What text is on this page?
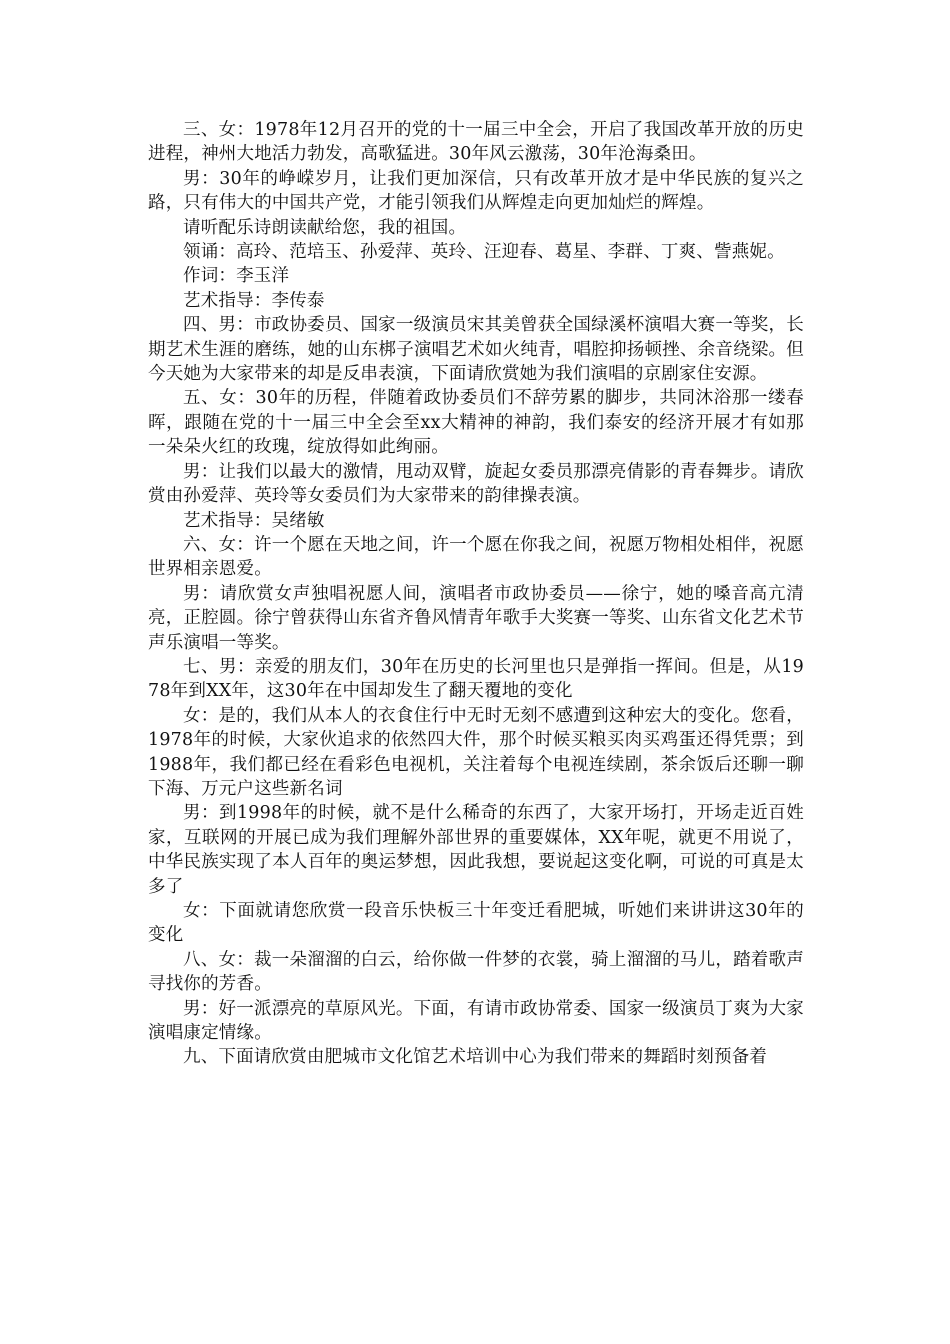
三、女：1978年12月召开的党的十一届三中全会，开启了我国改革开放的历史进程，神州大地活力勃发，高歌猛进。30年风云激荡，30年沧海桑田。

男：30年的峥嵘岁月，让我们更加深信，只有改革开放才是中华民族的复兴之路，只有伟大的中国共产党，才能引领我们从辉煌走向更加灿烂的辉煌。

请听配乐诗朗读献给您，我的祖国。

领诵：高玲、范培玉、孙爱萍、英玲、汪迎春、葛星、李群、丁爽、訾燕妮。

作词：李玉洋

艺术指导：李传泰

四、男：市政协委员、国家一级演员宋其美曾获全国绿溪杯演唱大赛一等奖，长期艺术生涯的磨练，她的山东梆子演唱艺术如火纯青，唱腔抑扬顿挫、余音绕梁。但今天她为大家带来的却是反串表演，下面请欣赏她为我们演唱的京剧家住安源。

五、女：30年的历程，伴随着政协委员们不辞劳累的脚步，共同沐浴那一缕春晖，跟随在党的十一届三中全会至xx大精神的神韵，我们泰安的经济开展才有如那一朵朵火红的玫瑰，绽放得如此绚丽。

男：让我们以最大的激情，甩动双臂，旋起女委员那漂亮倩影的青春舞步。请欣赏由孙爱萍、英玲等女委员们为大家带来的韵律操表演。

艺术指导：吴绪敏

六、女：许一个愿在天地之间，许一个愿在你我之间，祝愿万物相处相伴，祝愿世界相亲恩爱。

男：请欣赏女声独唱祝愿人间，演唱者市政协委员——徐宁，她的嗓音高亢清亮，正腔圆。徐宁曾获得山东省齐鲁风情青年歌手大奖赛一等奖、山东省文化艺术节声乐演唱一等奖。

七、男：亲爱的朋友们，30年在历史的长河里也只是弹指一挥间。但是，从1978年到XX年，这30年在中国却发生了翻天覆地的变化

女：是的，我们从本人的衣食住行中无时无刻不感遭到这种宏大的变化。您看，1978年的时候，大家伙追求的依然四大件，那个时候买粮买肉买鸡蛋还得凭票；到1988年，我们都已经在看彩色电视机，关注着每个电视连续剧，茶余饭后还聊一聊下海、万元户这些新名词

男：到1998年的时候，就不是什么稀奇的东西了，大家开场打，开场走近百姓家，互联网的开展已成为我们理解外部世界的重要媒体，XX年呢，就更不用说了，中华民族实现了本人百年的奥运梦想，因此我想，要说起这变化啊，可说的可真是太多了

女：下面就请您欣赏一段音乐快板三十年变迁看肥城，听她们来讲讲这30年的变化

八、女：裁一朵溜溜的白云，给你做一件梦的衣裳，骑上溜溜的马儿，踏着歌声寻找你的芳香。

男：好一派漂亮的草原风光。下面，有请市政协常委、国家一级演员丁爽为大家演唱康定情缘。

九、下面请欣赏由肥城市文化馆艺术培训中心为我们带来的舞蹈时刻预备着
